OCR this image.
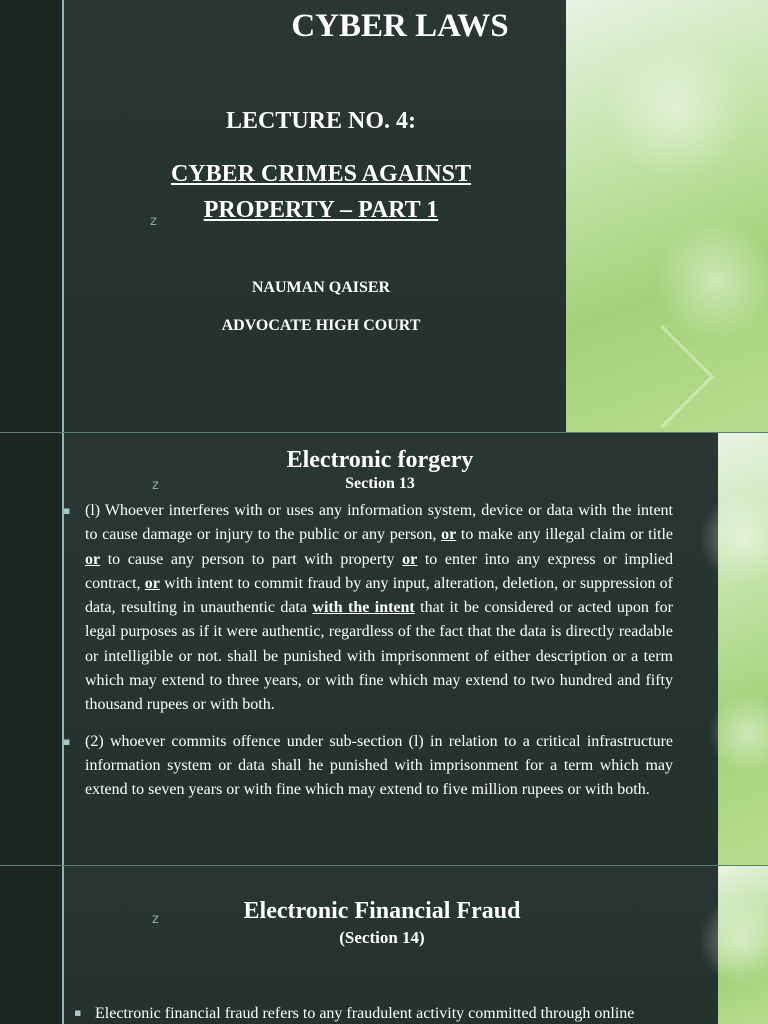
CYBER LAWS
LECTURE NO. 4:
CYBER CRIMES AGAINST
PROPERTY – PART 1
z
NAUMAN QAISER
ADVOCATE HIGH COURT
Electronic forgery
Section 13
z
▪ (l) Whoever interferes with or uses any information system, device or data with the intent to cause damage or injury to the public or any person, or to make any illegal claim or title or to cause any person to part with property or to enter into any express or implied contract, or with intent to commit fraud by any input, alteration, deletion, or suppression of data, resulting in unauthentic data with the intent that it be considered or acted upon for legal purposes as if it were authentic, regardless of the fact that the data is directly readable or intelligible or not. shall be punished with imprisonment of either description or a term which may extend to three years, or with fine which may extend to two hundred and fifty thousand rupees or with both.
▪ (2) whoever commits offence under sub-section (l) in relation to a critical infrastructure information system or data shall he punished with imprisonment for a term which may extend to seven years or with fine which may extend to five million rupees or with both.
z	Electronic Financial Fraud
(Section 14)
▪ Electronic financial fraud refers to any fraudulent activity committed through online
